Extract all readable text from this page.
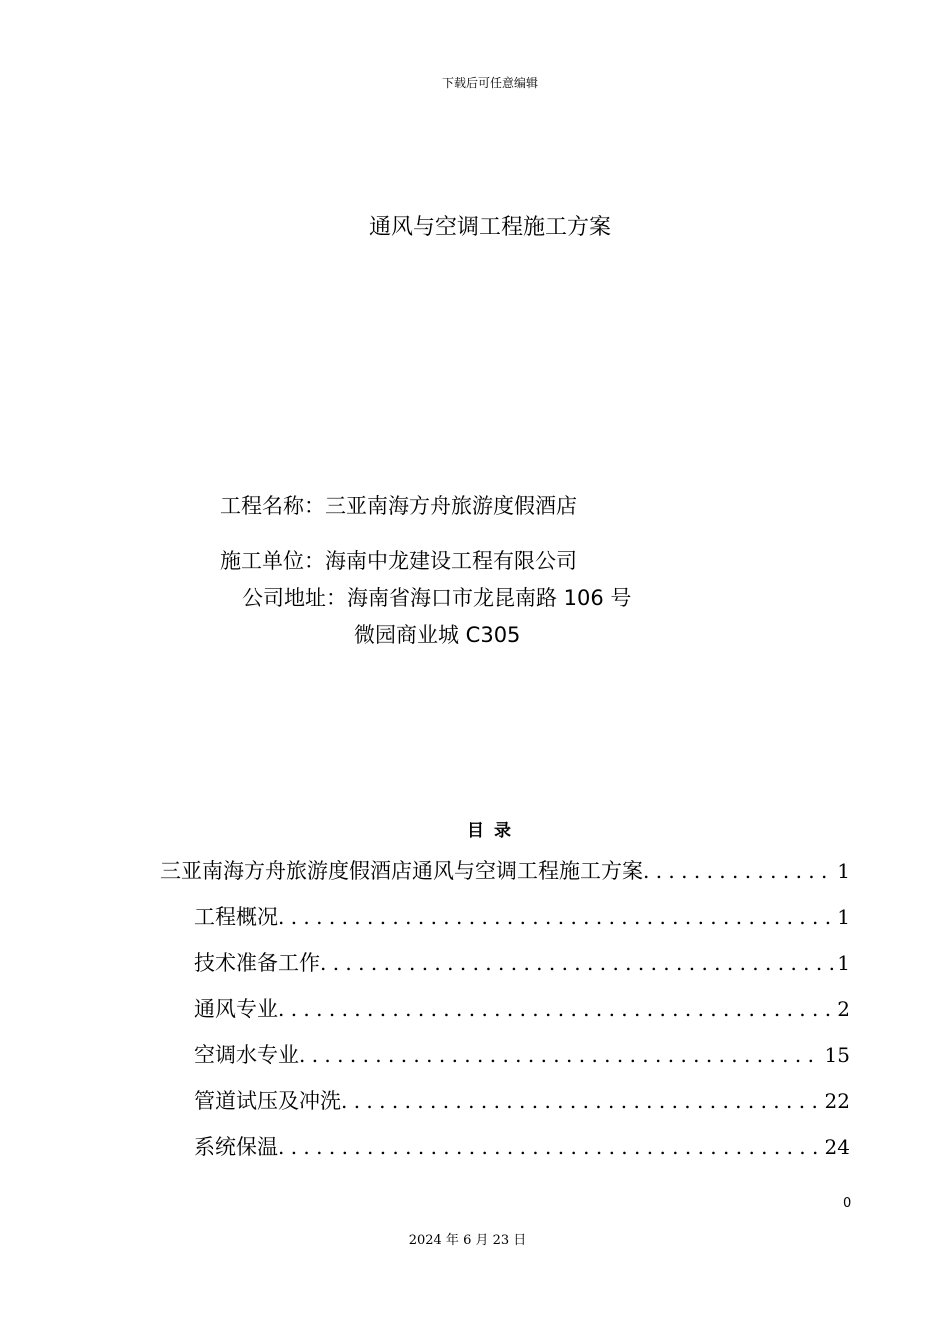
下载后可任意编辑
通风与空调工程施工方案
工程名称：三亚南海方舟旅游度假酒店
施工单位：海南中龙建设工程有限公司
公司地址：海南省海口市龙昆南路 106 号
微园商业城 C305
目 录
三亚南海方舟旅游度假酒店通风与空调工程施工方案 . . .	1
工程概况 . . .	1
技术准备工作 . . .	1
通风专业 . . .	2
空调水专业 . . .	15
管道试压及冲洗 . . .	22
系统保温 . . .	24
0
2024 年 6 月 23 日
